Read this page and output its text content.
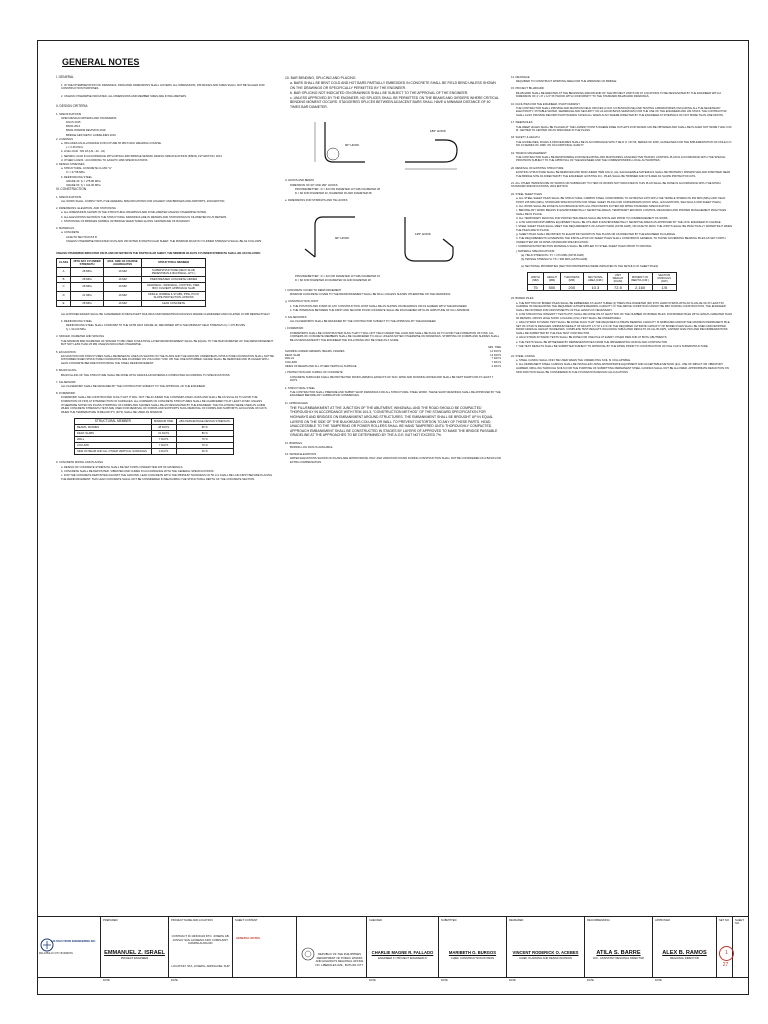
GENERAL NOTES
I. GENERAL
1. IN THE INTERPRETATION OF DRAWINGS, INDICATED DIMENSIONS SHALL GOVERN. ALL DIMENSIONS, DISTANCES AND SIZES SHALL NOT BE SCALED FOR CONSTRUCTION PURPOSES.
2. UNLESS OTHERWISE INDICATED, ALL DIMENSIONS AND MEMBER SIZES ARE IN MILLIMETERS.
II. DESIGN CRITERIA
1. SPECIFICATIONS
OPEN DESIGN CRITERIA AND STANDARDS:
DGCS 2015
BSDS 2013
BSDS INTERIM REVISION 2019
BRIDGE AESTHETIC GUIDELINES 2019
2. LOADINGS
a. INCLUDES AN ALLOWANCE FOR FUTURE 50 MM THICK WEARING COURSE.
γ = 2.36 KN/m
b. LIVE LOAD : MS 18 (HS - 20 - 44)
c. SEISMIC LOAD IN ACCORDANCE WITH DPWH LRFD BRIDGE SEISMIC DESIGN SPECIFICATIONS (BSDS) 1ST EDITION, 2013
d. OTHER LOADS : ACCORDING TO AASHTO 1996 SPECIFICATIONS
3. DESIGN STRESSES
a. STRUCTURAL CONCRETE CLASS "A"
f'c = 27.58 MPa
b. REINFORCING STEEL
GRADE 40: fy = 275.80 MPa
GRADE 60: fy = 414.00 MPa
III. CONSTRUCTION
1. SPECIFICATIONS
ALL WORK SHALL COMPLY WITH THE GENERAL SPECIFICATIONS FOR HIGHWAY AND BRIDGES AND AIRPORTS, 2019 EDITION.
2. DIMENSIONS, ELEVATION, AND STATIONING
a. ALL DIMENSIONS SHOWN IN THE STRUCTURAL DRAWINGS ARE IN MILLIMETER UNLESS OTHERWISE NOTED.
b. ALL ELEVATIONS SHOWN IN THE STRUCTURAL DRAWINGS ARE IN METERS AND STATIONINGS IN KILOMETER PLUS METERS.
c. STATIONING OF BRIDGES NORMAL OF BRIDGE WHEN TAKEN ALONG CENTERLINE OF ROADWAY.
3. MATERIALS
a. CONCRETE
AASHTO SECTION 8.8 R
UNLESS OTHERWISE INDICATED ON PLANS OR NOTED IN PARTICULAR SHEET, THE MINIMUM 28-DAYS CYLINDER STRENGTH SHALL BE AS FOLLOWS:
UNLESS OTHERWISE INDICATED ON PLANS OR NOTED IN THE PARTICULAR SHEET, THE MINIMUM 28-DAYS CYLINDER STRENGTH SHALL BE AS FOLLOWS:
CLASS	28TH DAY CYLINDER STRENGTH	MAX. SIZE OF COARSE AGGREGATES	STRUCTURAL MEMBER
A	28 MPa	19 MM	SUPERSTRUCTURE (DECK SLAB, PEDESTRIAN & BACKWALL, ETC.)
B	28 MPa	19 MM	PRESTRESSED CONCRETE GIRDER
C	28 MPa	19 MM	HEADWALL, WINGWALL, FOOTING, PIER, BOX CULVERT, APPROACH SLAB
D	21 MPa	19 MM	SINGLE, RUBBLE & STUBS, PIPE, PCCP, SLOPE PROTECTION, APRONS
E	28 MPa	19 MM	LEAN CONCRETE
ALL EXPOSED EDGES SHALL BE CHAMFERED 20 MM EXCEPT RAILINGS AND PEDESTRIAN RAILINGS WHERE CHAMFERED AND FILLETED 10 MM RESPECTIVELY.
b. REINFORCING STEEL
REINFORCING STEEL SHALL CONFORM TO THE ASTM A615 GRADE 40, DEFORMED WITH THE MINIMUM YIELD STRENGTH fy = 275.80 MPa
fy = 414.00 MPa
4. SPACER, DIAMETER AND SPACING
THE MINIMUM BAR DIAMETER OF SPACER TO BE USED IN MULTIPLE LAYER REINFORCEMENT SHALL BE EQUAL TO THE BAR DIAMETER OF THE REINFORCEMENT BUT NOT LESS THAN 25 MM UNLESS INDICATED OTHERWISE.
5. EXCAVATION
EXCAVATION FOR STRUCTURES SHALL BE BENEATH LINES AS SHOWN ON THE PLANS AND THE GROUND UNDERNEATH STRUCTURE FOUNDATION SHALL NOT BE DISTURBED WHEN STRUCTURE FOUNDATION ARE FOUNDED ON VOLCANIC TUFF OR THE ONE DISTURBED, GRADE SHALL BE REMOVED AND PLUGGED WITH LEAN CONCRETE BEFORE POSITIONING THE STEEL REINFORCEMENT.
6. BACKFILLING
BACKFILLING OF THE STRUCTURE SHALL BE DONE WITH GRANULAR MATERIALS COMPACTED ACCORDING TO SPECIFICATIONS.
7. FALSEWORK
ALL FALSEWORK SHALL BE DESIGNED BY THE CONTRACTOR SUBJECT TO THE APPROVAL OF THE ENGINEER.
8. FORMWORK
FORMWORK SHALL BE CONSTRUCTED SUCH THAT IT WILL NOT YIELD UNDER THE CONTEMPLATED LOADS AND SHALL BE AS SUCH AS TO AVOID THE FORMATION OF FINS AT INTERSECTION OF SURFACES. ALL CORNERS OF CONCRETE STRUCTURES SHALL BE CHAMFERED TO AT LEAST 20 MM. UNLESS OTHERWISE NOTED ON PLANS STRIPPING OF FORMS AND SHORES SHALL BE AS DESIGNATED BY THE ENGINEER. THE FOLLOWING WERE USED AS GUIDE WHEN CONCRETE STRENGTH TEST ARE USED FOR REMOVAL OF FORMS AND SUPPORTS SUCH REMOVAL OF FORMS AND SUPPORTS. EXCLUSIVE OF DAYS WHEN THE TEMPERATURE IS BELOW 5°C (40°F) SHALL BE USED AS MINIMUM.
STRUCTURAL MEMBER	MINIMUM TIME	28% PERCENTAGE DESIGN STRENGTH
BEAMS, FRAMES	28 DAYS	80 %
DECK SLABS	21 DAYS	80 %
WALL	7 DAYS	70 %
COLUMN	7 DAYS	70 %
SIDE OF BEAM AND ALL OTHER VERTICAL SURFACES	3 DAYS	30 %
9. CONCRETE MIXING AND PLACING
a. DESIGN OF CONCRETE STRENGTH SHALL BE SET FORTH UNDER ITEM 405 OF MATERIALS.
b. CONCRETE SHALL BE DEPOSITED, VIBRATED AND CURED IN ACCORDANCE WITH THE GENERAL SPECIFICATIONS.
c. FOR THE CONCRETE DEPOSITED AGAINST THE GROUND, LEAN CONCRETE WITH THE MINIMUM THICKNESS OF 50 mm SHALL BE LAID FIRST BEFORE PLACING THE REINFORCEMENT. THIS LEAN CONCRETE SHALL NOT BE CONSIDERED IN MEASURING THE STRUCTURAL DEPTH OF THE CONCRETE SECTION.
10. BAR BENDING, SPLICING AND PLACING
a. BARS SHALL BE BENT COLD AND HOT BARS PARTIALLY EMBEDDED IN CONCRETE SHALL BE FIELD BEND UNLESS SHOWN ON THE DRAWINGS OR SPECIFICALLY PERMITTED BY THE ENGINEER.
b. BAR SPLICING NOT INDICATED ON DRAWINGS SHALL BE SUBJECT TO THE APPROVAL OF THE ENGINEER.
c. UNLESS APPROVED BY THE ENGINEER, NO SPLICES SHALL BE PERMITTED ON THE BEAMS AND GIRDERS WHERE CRITICAL BENDING MOMENT OCCURS. STAGGERED SPLICES BETWEEN ADJACENT BARS SHALL HAVE A MINIMUM DISTANCE OF 40 TIMES BAR DIAMETER.
90° HOOK
180° HOOK
d. HOOKS AND BENDS
DIMENSION OF 90° AND 180° HOOKS
PROVIDE/BETTER : D = 6d FOR DIAMETER 10 THRU DIAMETER 28
D = 8d FOR DIAMETER 32, DIAMETER 36 AND DIAMETER 38
e. DIMENSIONS FOR STIRRUPS AND TIE HOOKS
90° HOOK
135° HOOK
PROVIDE/BETTER : D = 6d FOR DIAMETER 10 THRU DIAMETER 16
D = 8d FOR DIAMETER 20 DIAMETER 32 AND DIAMETER 28
f. CONCRETE COVER TO REINFORCEMENT
MINIMUM CONCRETE COVER TO THE REINFORCEMENT SHALL BE 50mm UNLESS SHOWN OTHERWISE ON THE DRAWINGS.
g. CONSTRUCTION JOINT
1. THE POSITION AND FORM OF ANY CONSTRUCTION JOINT SHALL BE AS SHOWN ON DRAWINGS OR AS AGREED WITH THE ENGINEER.
2. THE INTERFACE BETWEEN THE FIRST AND SECOND POUR CONCRETE SHALL BE ROUGHENED WITH AN AMPLITUDE OF 6mm MINIMUM.
h. FALSEWORKS
ALL FALSEWORKS SHALL BE DESIGNED BY THE CONTRACTOR SUBJECT TO THE APPROVAL BY THE ENGINEER.
i. FORMWORK
FORMWORKS SHALL BE CONSTRUCTED SUCH THAT IT WILL NOT YIELD UNDER THE LOAD AND SHALL BE SUCH AS TO AVOID THE FORMATION OF FINS. ALL CORNERS OF CONCRETE MEMBERS SHALL BE CHAMFERED TO 20mm UNLESS NOTED OTHERWISE ON DRAWINGS. STRIPPING OF FORMS AND SHORES SHALL BE AS DESIGNATED BY THE ENGINEER THE FOLLOWING MAY BE USED AS A GUIDE
MIN. TIME
SHORING UNDER GIRDERS, BEAMS, FRAMES	14 DAYS
DECK SLAB	14 DAYS
WALLS	7 DAYS
COLUMN	7 DAYS
SIDES OF BEAMS AND ALL OTHER VERTICAL SURFACE	2 DAYS
j. PROTECTION AND CURING OF CONCRETE
CONCRETE SURFACES SHALL BE PROTECTED FROM HARMFUL EFFECTS OF SUN, WIND AND RUNNING WATER AND SHALL BE KEPT DAMP FOR AT LEAST 7 DAYS.
k. STRUCTURAL STEEL
THE CONTRACTOR SHALL PREPARE AND SUBMIT SHOP DRAWINGS FOR ALL STRUCTURAL STEEL WORK. THESE SHOP DRAWINGS SHALL BE APPROVED BY THE ENGINEER BEFORE ANY FABRICATION COMMENCES.
11. APPROACHES
THE FILL/EMBANKMENT AT THE JUNCTION OF THE ABUTMENT, WINGWALL AND THE ROAD SHOULD BE COMPACTED THOROUGHLY IN ACCORDANCE WITH ITEM 104-3, "CONSTRUCTION METHOD" OF THE STANDARD SPECIFICATION FOR HIGHWAYS AND BRIDGES ON EMBANKMENT AROUND STRUCTURES. THE EMBANKMENT SHALL BE BROUGHT UP IN EQUAL LAYERS ON THE SIDE OF THE BULKHEADS COLUMN OR WALL TO PREVENT DISTORTION TO ANY OF THESE PARTS. HEAD UNACCESSIBLE TO THE TAMPERING OR POWER ROLLERS SHALL BE HAND TAMPERED UNTIL THOROUGHLY COMPACTED. APPROACH EMBANKMENT SHALL BE CONSTRUCTED IN STAGES BY LAYERS OF APPROVED TO MAKE THE BRIDGE PASSABLE GRADELINE AT THE APPROACHES TO BE DETERMINED BY THE A.O.E. BUT NOT EXCEED 7%.
12. BORINGS
BORING LOG DATA IS AVAILABLE
13. WATER ELEVATIONS
WATER ELEVATIONS SHOWN ON PLANS ARE APPROXIMATE ONLY AND VARIATION FOUND DURING CONSTRUCTION SHALL NOT BE CONSIDERED AS A BASIS FOR EXTRA COMPENSATION.
14. DRAINAGE
REQUIRED TO CONSTRUCT WORKING AREA FOR THE WIDENING OF BRIDGE.
15. PROJECT BILLBOARD
BILLBOARD SHALL BE ERECTED AT THE BEGINNING AND/OR END OF THE PROJECT LIMITS OR AT LOCATIONS TO BE DESIGNATED BY THE ENGINEER WITH A DIMENSION OF 4' x 8' x 1/4" PLYWOOD WITH CONFORMITY TO THE STANDARD BILLBOARD DRAWINGS.
16. FACILITIES FOR THE ENGINEER / PHOTOGRAPHY
THE CONTRACTOR SHALL PROVIDE AND MAINTAIN FIELD OFFICES (LOCK 3.0 BUNKHOUSE) AND TESTING LABORATORIES (INCLUDING ALL THE NECESSARY ELECTRICITY, POTABLE WATER, SEWERAGE AND SECURITY ON 24-HOUR BASIS SERVICES) FOR THE USE OF THE ENGINEER AND HIS STAFF. THE CONTRACTOR SHALL ALSO PROVIDE RECORD PHOTOGRAPH TAKEN ALL WHEN ALSO WHERE DIRECTED BY THE ENGINEER AT INTERVALS OF NOT MORE THAN ONE MONTH.
17. WEEPHOLES
THE WEEP HOLES SHALL BE PLACED AT THE LOWEST POINTS WHERE FREE OUTLETS FOR WATER CAN BE OBTAINED AND SHALL BE PLACED NOT MORE THAN 3.00 M. CENTER TO CENTER OR AS SPECIFIED IN THE PLANS.
18. SAFETY & HEALTH
THE GUIDELINES, RULES & PROCEDURES SHALL BE IN ACCORDANCE WITH THE D.O. NO 56, SERIES OF 2005, GUIDELINES FOR THE IMPLEMENTATION OF DOLE D.O. NO 13 SERIES OF 1998, ON OCCUPATIONAL SAFETY.
19. TRAFFIC MANAGEMENT
THE CONTRACTOR SHALL BE RESPONSIBLE FOR DEVELOPING AND MAINTAINING AN EFFECTIVE TRAFFIC CONTROL PLAN IN ACCORDANCE WITH THE SPECIAL PROVISION SUBJECT TO THE APPROVAL OF THE ENGINEER AND THE CORRESPONDING LOCAL AUTHORITIES.
20. REMOVAL OF EXISTING STRUCTURE
EXISTING STRUCTURE SHALL BE REMOVED AND PAID UNDER ITEM 101(1). ALL SALVAGEABLE MATERIALS SHALL BE PROPERLY DISMANTLED AND DISPOSED NEAR THE BRIDGE SITE AS DIRECTED BY THE ENGINEER. EXISTING R.C. PILES SHALL BE TRIMMED AND UTILIZED AS SLOPE PROTECTION AT/1.
21. ALL OTHER ITEMS/SCOPE OF WORKS OR SUBSIDIARY TO ITEM OF WORKS NOT INDICATED IN THIS PLAN SHALL BE DONE IN ACCORDANCE WITH THE DPWH STANDARD SPECIFICATIONS, 2019 EDITION.
22. STEEL SHEET PILES
a. ALL STEEL SHEET PILES SHALL BE STRUCTURAL CARBON STEEL CONFORMING TO ASTM/JIS/A 1979 WITH THE TENSILE STRENGTH 390 MPA (MPa) AND YIELD POINT 235 MPA (MPa), STANDARD SPECIFICATION FOR STEEL SHEET PILING FOR COFFERDAMS (DOCK WALL, EXCAVATIONS, SEA WALLS AND SHEET PILES).
b. ALL WORK SHALL BE DONE IN ACCORDANCE WITH ALL PROVISIONS IN ITEM 406 DPWH STANDARD SPECIFICATION.
c. BEFORE ANY WORK BEGINS IN ENVIRONMENTALLY SENSITIVE AREAS, TEMPORARY EROSION CONTROL MEASURES AND PROPER MANAGEMENT PRACTICES SHALL BE IN PLACE.
d. ALL TEMPORARY FENCING FOR PROTECTED AREAS SHALL BE INSTALLED PRIOR TO COMMENCEMENT OF WORK.
e. LOW GROUND DISTURBING EQUIPMENT SHALL BE UTILIZED IN ENVIRONMENTALLY SENSITIVE AREAS AS APPROVED BY THE CIVIL ENGINEER IN CHARGE.
f. STEEL SHEET PILES SHALL MEET THE REQUIREMENTS OF AASHTO M202 (ASTM A328), OR AASHTO M223. THE JOINTS SHALL BE PRACTICALLY WATERTIGHT WHEN THE PILES ARE IN PLACE.
g. SHEET PILES SHALL BE DRIVEN TO ELEVATION SHOWN IN THE PLANS OR AS DIRECTED BY THE ENGINEER IN-CHARGE.
h. THE REQUIREMENTS GOVERNING THE INSTALLATION OF SHEET PILES SHALL CONFORM IN GENERAL TO THOSE GOVERNING BEARING PILES AS SET FORTH UNDER ITEM 400 OF DPWH STANDARD SPECIFICATION.
i. CORROSION PROTECTION MATERIALS SHALL BE APPLIED TO STEEL SHEET PILES PRIOR TO DRIVING.
j. MATERIAL SPECIFICATIONS:
(a) YIELD STRENGTH: FY = 270 MPA (ASTM A328)
(b) TENSILE STRENGTH: TS = 390 MPA (ASTM A328)
(c) SECTIONAL PROPERTIES (SECTION PROPERTIES WERE INDICATED IN THE DETAILS OF SHEET PILES)
WIDTH (MM)	HEIGHT (MM)	THICKNESS (MM)	SECTIONAL AREA (CM²)	UNIT WEIGHT (KG/M)	MOMENT OF INERTIA (CM⁴)	SECTION MODULUS (CM³)
75	500	200	10.3	72.5	2,160	1/5
23. BORED PILES
a. THE BOTTOM OF BORED PILES SHALL BE EMBEDDED AT LEAST THREE (3) TIMES PILE DIAMETER (3D) INTO HARD STRATA WITH AN N-VALUE OF AT LEAST 50 CAPABLE OF DEVELOPING THE REQUIRED ULTIMATE BEARING CAPACITY. IF THE ABOVE CONDITION CANNOT BE MET DURING CONSTRUCTION, THE ENGINEER SHALL BE NOTIFIED FOR ADJUSTMENTS OF PILE LENGTH IF NECESSARY.
b. LOW STRAIN PILE INTEGRITY TESTS (PIT) SHALL BE DONE ON AT LEAST 50% OF THE NUMBER OF BORED PILES. FOR BORED PILES WITH LENGTH GREATER THAN 30 METERS, CROSS HOLE SONIC LOGGING (CSL) TEST SHALL BE UNDERTAKEN.
c. HIGH STRAIN DYNAMIC TEST SHALL BE DONE SUCH THAT THE REQUIRED ULTIMATE BEARING CAPACITY IS MOBILIZED AND/OR THE MAXIMUM PERMANENT PILE SET OF 3/7/20 IS REACHED. MINIMUM WEIGHT OF MOUNT 1.5 TO 2.0 % OF THE REQUIRED ULTIMATE CAPACITY OF BORED PILES SHALL BE USED AND DROPPED FROM GRADUAL HEIGHT INCREASES. COMPLETE TEST RESULTS INCLUDING TABULATED RESULTS OF ALL BLOWS, CAPWAP ANALYSIS AND RECOMMENDATIONS SHALL BE SUBMITTED BY THE PILE TEST CONTRACTOR.
d. HIGH STRAIN DYNAMIC TESTS SHALL BE DONE FOR ONE PILE AT EVERY OTHER PIER AND AT BOTH ABUTMENTS.
e. THE TESTS SHALL BE WITNESSED BY REPRESENTATIVES FROM THE IMPLEMENTING OFFICE AND CONTRACTOR.
f. THE TEST RESULTS SHALL BE SUBMITTED SUBJECT TO APPROVAL BY THE DPWH PRIOR TO CONSTRUCTION OF PILE CAP & SUPERSTRUCTURE.
24. STEEL CASING
a. STEEL CASING SHALL ONLY BE USED WHEN THE UNDERLYING SOIL IS COLLAPSIBLE.
b. ALL PERMANENT STEEL CASINGS SHALL BE INSTALLED USING APPROPRIATE EQUIPMENT AND ACCEPTABLE METHOD (E.G. USE OF IMPACT OR VIBRATORY HAMMER, DRILLING THROUGH SOILS) FOR THE PURPOSE OF SUBMITTING PERMANENT STEEL CASINGS SHALL NOT BE ALLOWED. APPROPRIATE REDUCTION ON SKIN FRICTION SHALL BE CONSIDERED IN THE FOUNDATION DESIGN CALCULATIONS.
LOI SOLUTIONS ENGINEERING INC.
MALAYBALAY CITY, BUKIDNON
PREPARED
EMMANUEL Z. ISRAEL
PROJECT ENGINEER
PROJECT NAME AND LOCATION
CONTRACT ID 19NO0134 DTO, JOSEPH AB, JUNSAY SAN LAURENO FRO CUMPLAINT: DAMPALAUDG RD
LOCATION: STA. JOSEPH, ADDISA DEL SUR
SHEET CONTENT
GENERAL NOTES
REPUBLIC OF THE PHILIPPINES DEPARTMENT OF PUBLIC WORKS AND HIGHWAYS REGIONAL OFFICE NO. LIBERALES AVE., BUTUAN CITY
CHECKED
CHARLIE MAGNE R. FALLADO
ENGINEER II / PROJECT ENGINEER III
SUBMITTED
MARIBETH O. BURGOS
CHIEF, CONSTRUCTION DIVISION
REVIEWED
VINCENT RODERICK O. ACEBES
CHIEF, PLANNING AND DESIGN DIVISION
RECOMMENDING
ATILA S. BARRE
OIC - ASSISTANT REGIONAL DIRECTOR
APPROVED
ALEX B. RAMOS
REGIONAL DIRECTOR
SET NO. SHEET NO.
DATE	DATE	DATE	DATE	DATE	DATE	DATE
1
27
